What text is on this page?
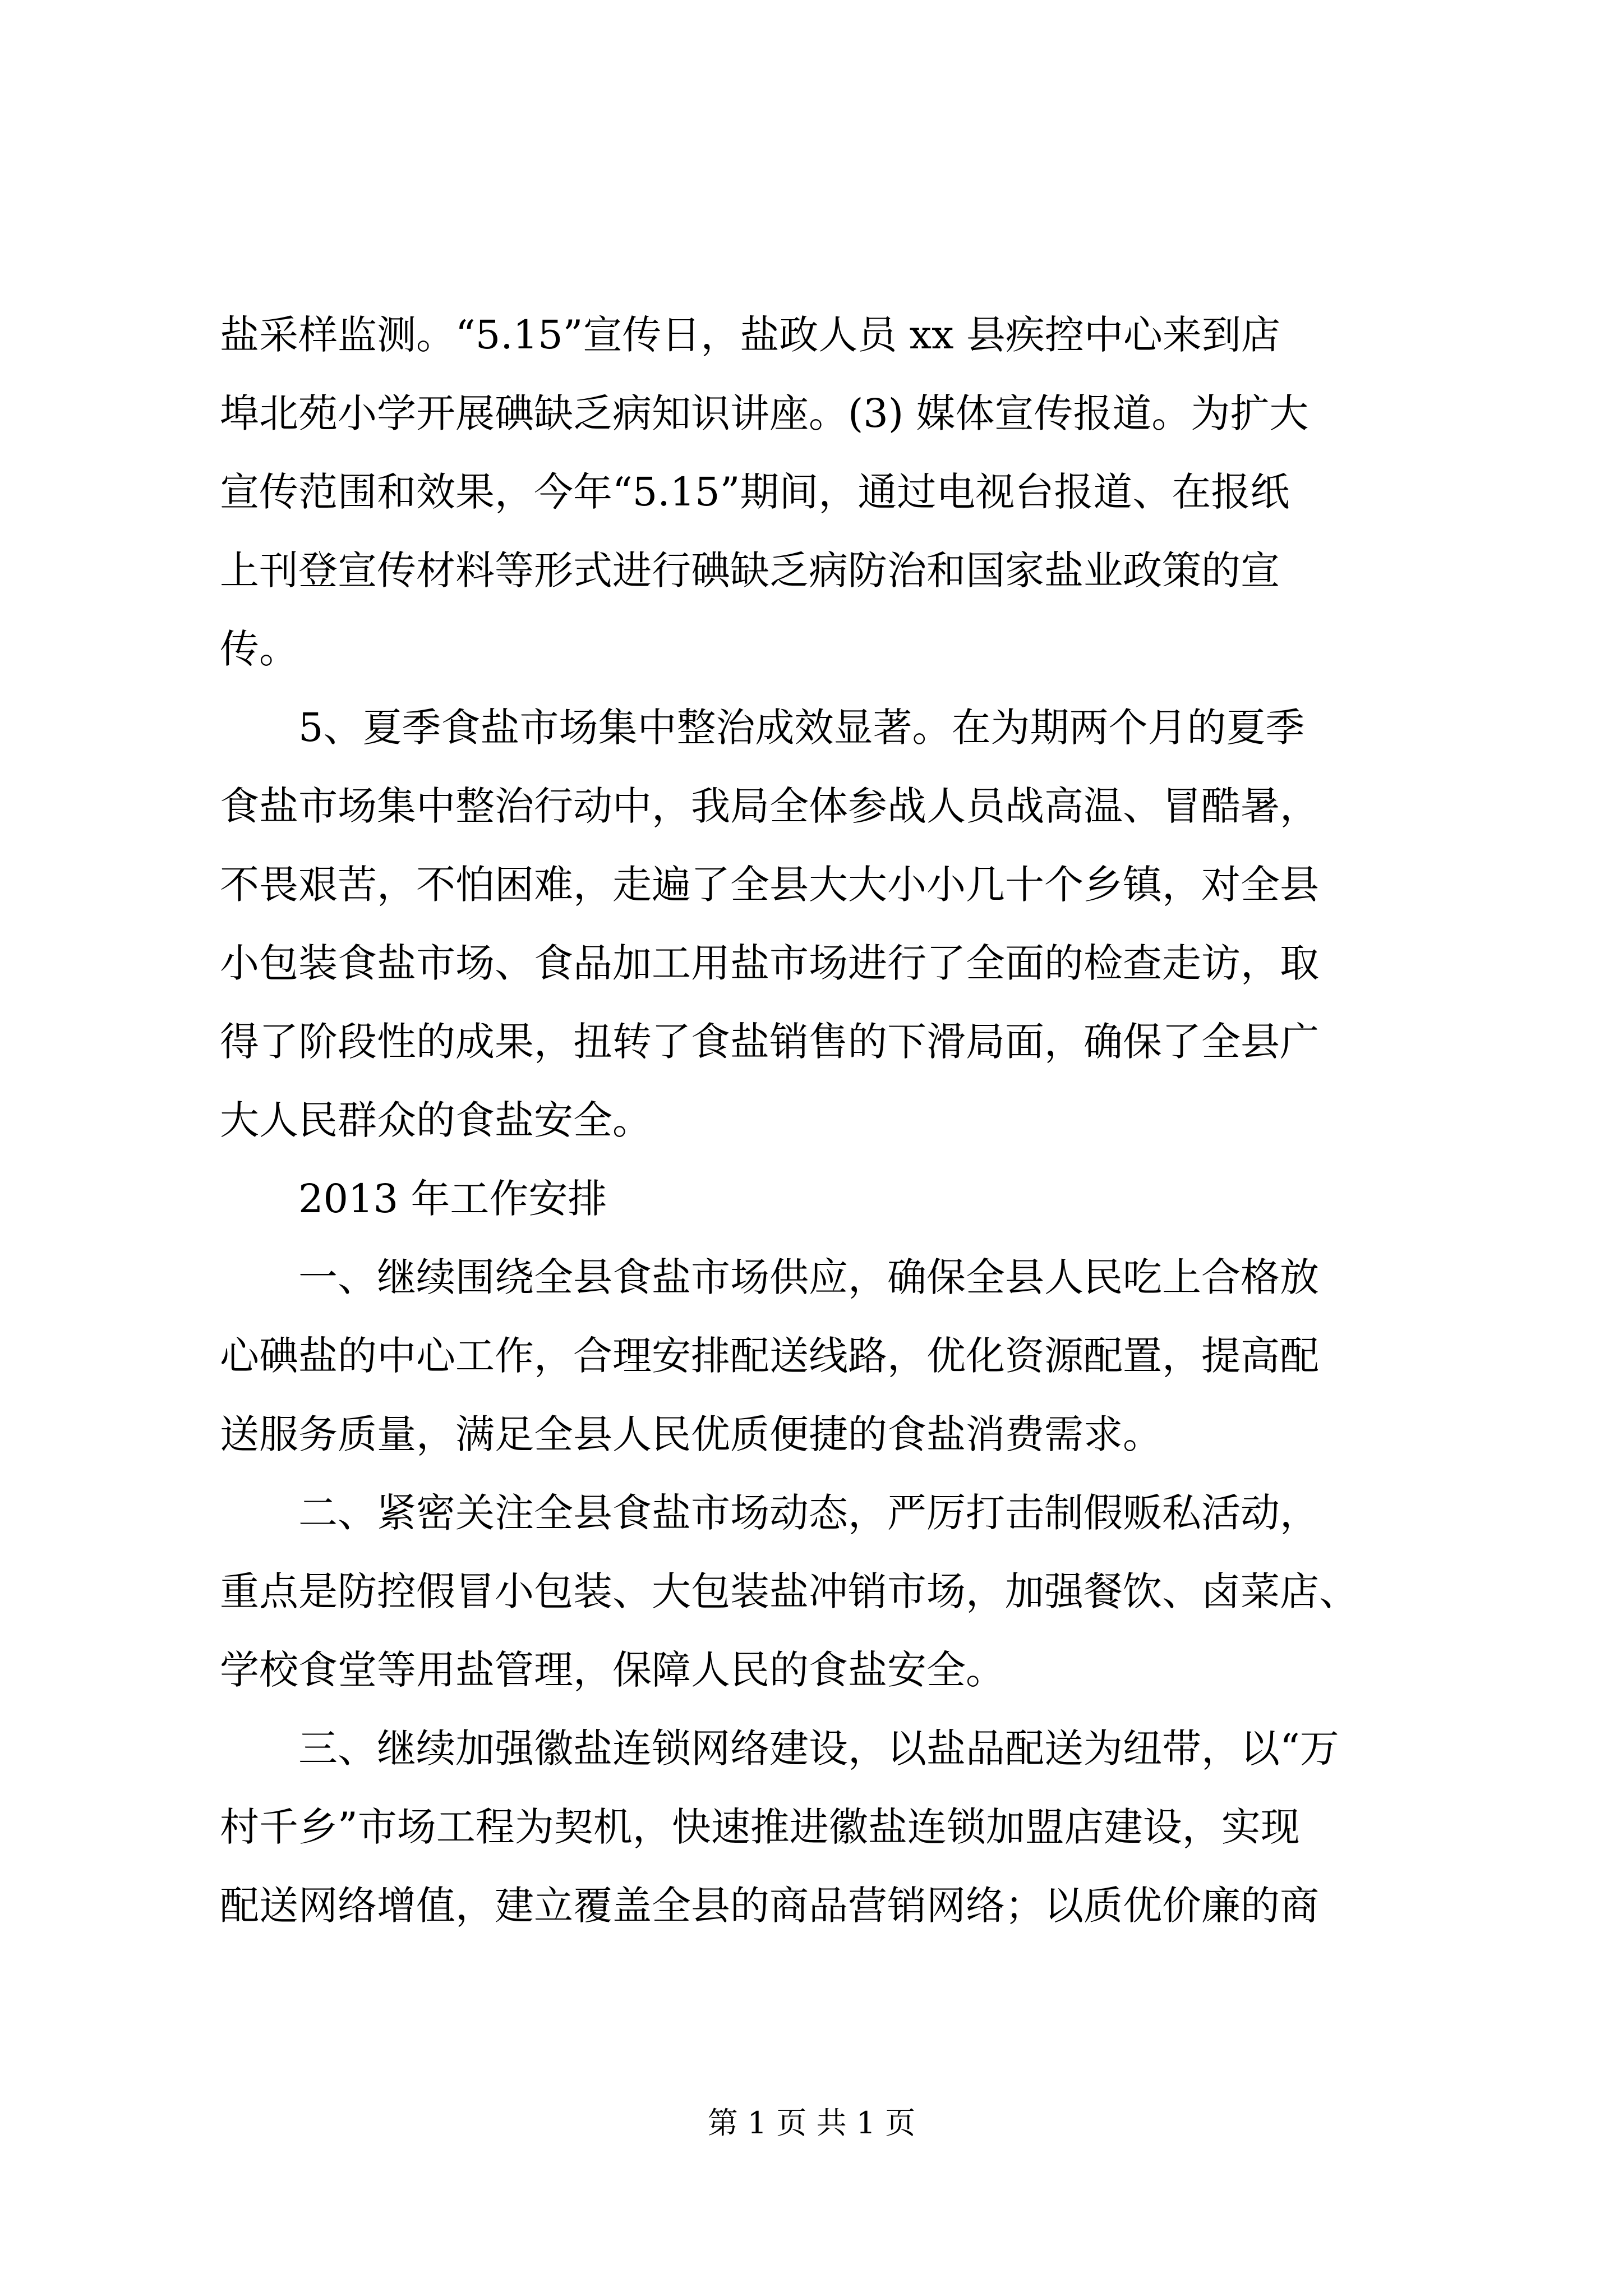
盐采样监测。“5.15”宣传日，盐政人员 xx 县疾控中心来到店

埠北苑小学开展碘缺乏病知识讲座。(3) 媒体宣传报道。为扩大

宣传范围和效果，今年“5.15”期间，通过电视台报道、在报纸

上刊登宣传材料等形式进行碘缺乏病防治和国家盐业政策的宣

传。

　　5、夏季食盐市场集中整治成效显著。在为期两个月的夏季

食盐市场集中整治行动中，我局全体参战人员战高温、冒酷暑，

不畏艰苦，不怕困难，走遍了全县大大小小几十个乡镇，对全县

小包装食盐市场、食品加工用盐市场进行了全面的检查走访，取

得了阶段性的成果，扭转了食盐销售的下滑局面，确保了全县广

大人民群众的食盐安全。

　　2013 年工作安排

　　一、继续围绕全县食盐市场供应，确保全县人民吃上合格放

心碘盐的中心工作，合理安排配送线路，优化资源配置，提高配

送服务质量，满足全县人民优质便捷的食盐消费需求。

　　二、紧密关注全县食盐市场动态，严厉打击制假贩私活动，

重点是防控假冒小包装、大包装盐冲销市场，加强餐饮、卤菜店、

学校食堂等用盐管理，保障人民的食盐安全。

　　三、继续加强徽盐连锁网络建设，以盐品配送为纽带，以“万

村千乡”市场工程为契机，快速推进徽盐连锁加盟店建设，实现

配送网络增值，建立覆盖全县的商品营销网络；以质优价廉的商

第 1 页 共 1 页
